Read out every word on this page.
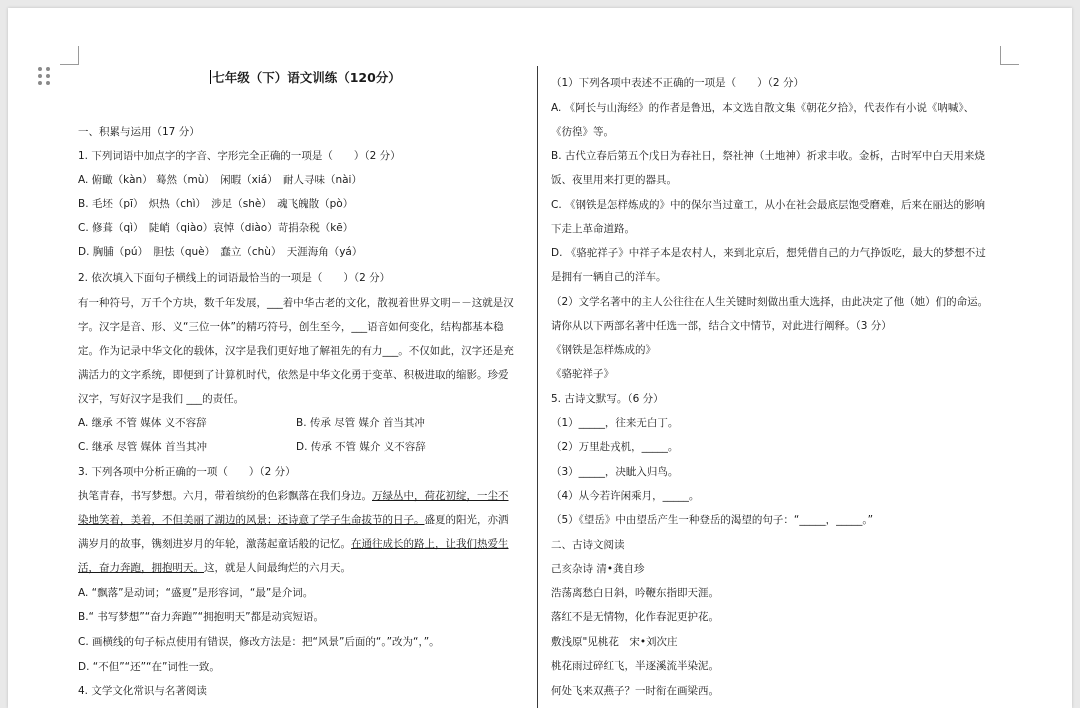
七年级（下）语文训练（120分）
一、积累与运用（17 分）
1. 下列词语中加点字的字音、字形完全正确的一项是（　　）（2 分）
A. 俯瞰（kàn） 蓦然（mù）　闲暇（xiá）　耐人寻味（nài）
B. 毛坯（pī）　炽热（chì）　涉足（shè）　魂飞魄散（pò）
C. 修葺（qì）　陡峭（qiào）哀悼（diào）苛捐杂税（kē）
D. 胸脯（pú）　胆怯（què）　蠢立（chù）　天涯海角（yá）
2. 依次填入下面句子横线上的词语最恰当的一项是（　　）（2 分）
有一种符号，万千个方块，数千年发展，___着中华古老的文化，散视着世界文明－－这就是汉
字。汉字是音、形、义“三位一体”的精巧符号，创生至今，___语音如何变化，结构都基本稳
定。作为记录中华文化的载体，汉字是我们更好地了解祖先的有力___。不仅如此，汉字还是充
满活力的文字系统，即便到了计算机时代，依然是中华文化勇于变革、积极进取的缩影。珍爱
汉字，写好汉字是我们 ___的责任。
A. 继承 不管 媒体 义不容辞	B. 传承 尽管 媒介 首当其冲
C. 继承 尽管 媒体 首当其冲	D. 传承 不管 媒介 义不容辞
3. 下列各项中分析正确的一项（　　）（2 分）
执笔青春，书写梦想。六月，带着缤纷的色彩飘落在我们身边。万绿丛中，荷花初绽，一尘不
染地笑着，美着，不但美丽了湖边的风景；还诗意了学子生命拔节的日子。盛夏的阳光，亦洒
满岁月的故事，镌刻进岁月的年轮，激荡起童话般的记忆。在通往成长的路上，让我们热爱生
活，奋力奔跑，拥抱明天。这，就是人间最绚烂的六月天。
A. “飘落”是动词；“盛夏”是形容词，“最”是介词。
B.“ 书写梦想”“奋力奔跑”“拥抱明天”都是动宾短语。
C. 画横线的句子标点使用有错误，修改方法是：把“风景”后面的“。”改为“，”。
D. “不但”“还”“在”词性一致。
4. 文学文化常识与名著阅读
（1）下列各项中表述不正确的一项是（　　）（2 分）
A. 《阿长与山海经》的作者是鲁迅，本文选自散文集《朝花夕拾》，代表作有小说《呐喊》、
《彷徨》等。
B. 古代立春后第五个戊日为春社日，祭社神（土地神）祈求丰收。金柝，古时军中白天用来烧
饭、夜里用来打更的器具。
C. 《钢铁是怎样炼成的》中的保尔当过童工，从小在社会最底层饱受磨难，后来在丽达的影响
下走上革命道路。
D. 《骆驼祥子》中祥子本是农村人，来到北京后，想凭借自己的力气挣饭吃，最大的梦想不过
是拥有一辆自己的洋车。
（2）文学名著中的主人公往往在人生关键时刻做出重大选择，由此决定了他（她）们的命运。
请你从以下两部名著中任选一部，结合文中情节，对此进行阐释。（3 分）
《钢铁是怎样炼成的》
《骆驼祥子》
5. 古诗文默写。（6 分）
（1）_____，往来无白丁。
（2）万里赴戎机，_____。
（3）_____，决眦入归鸟。
（4）从今若许闲乘月，_____。
（5）《望岳》中由望岳产生一种登岳的渴望的句子：“_____，_____。”
二、古诗文阅读
己亥杂诗 清•龚自珍
浩荡离愁白日斜，吟鞭东指即天涯。
落红不是无情物，化作春泥更护花。
敷浅原"见桃花　宋•刘次庄
桃花雨过碎红飞，半逐溪流半染泥。
何处飞来双燕子？一时衔在画梁西。
